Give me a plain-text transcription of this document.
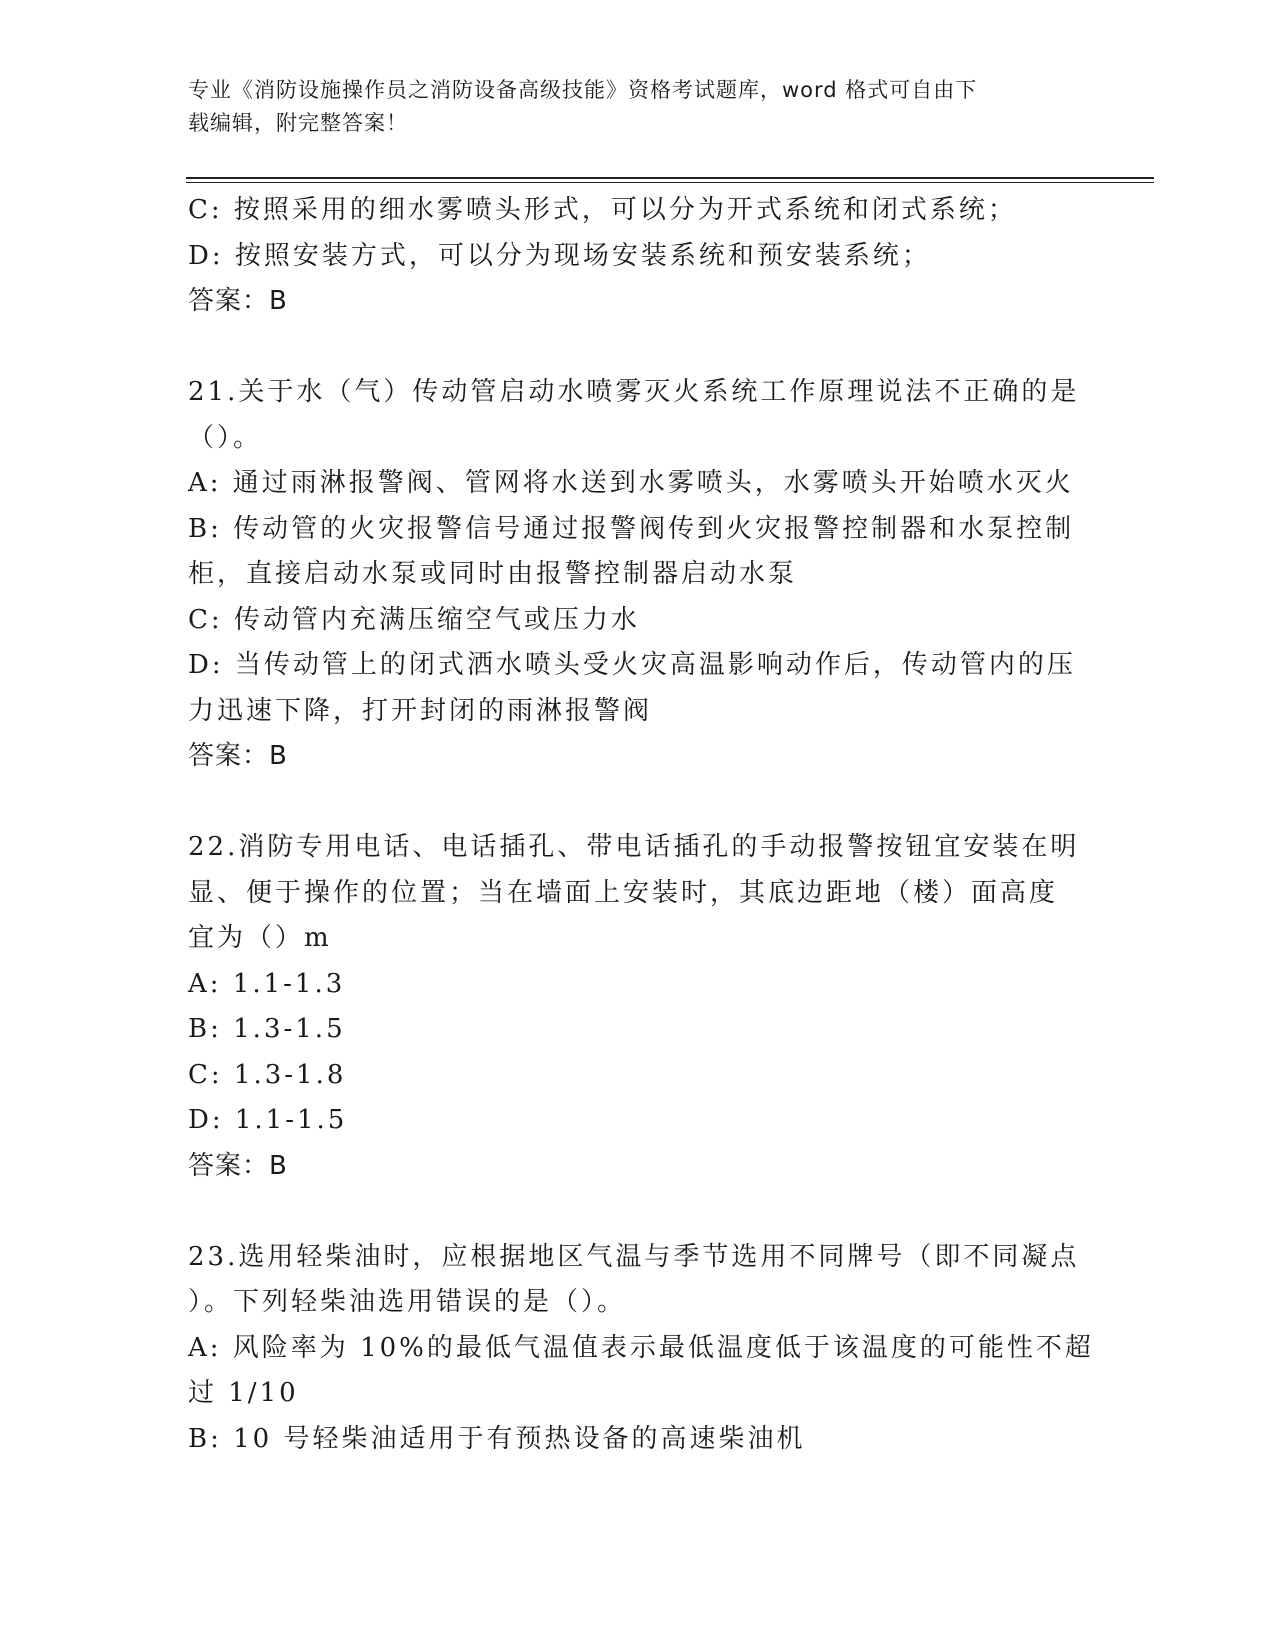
专业《消防设施操作员之消防设备高级技能》资格考试题库，word 格式可自由下
载编辑，附完整答案！

C: 按照采用的细水雾喷头形式，可以分为开式系统和闭式系统；

D: 按照安装方式，可以分为现场安装系统和预安装系统；

答案：B

21.关于水（气）传动管启动水喷雾灭火系统工作原理说法不正确的是

（）。

A: 通过雨淋报警阀、管网将水送到水雾喷头，水雾喷头开始喷水灭火

B: 传动管的火灾报警信号通过报警阀传到火灾报警控制器和水泵控制

柜，直接启动水泵或同时由报警控制器启动水泵

C: 传动管内充满压缩空气或压力水

D: 当传动管上的闭式洒水喷头受火灾高温影响动作后，传动管内的压

力迅速下降，打开封闭的雨淋报警阀

答案：B

22.消防专用电话、电话插孔、带电话插孔的手动报警按钮宜安装在明

显、便于操作的位置；当在墙面上安装时，其底边距地（楼）面高度

宜为（）m

A: 1.1-1.3

B: 1.3-1.5

C: 1.3-1.8

D: 1.1-1.5

答案：B

23.选用轻柴油时，应根据地区气温与季节选用不同牌号（即不同凝点

）。下列轻柴油选用错误的是（）。

A: 风险率为 10%的最低气温值表示最低温度低于该温度的可能性不超

过 1/10

B: 10 号轻柴油适用于有预热设备的高速柴油机
